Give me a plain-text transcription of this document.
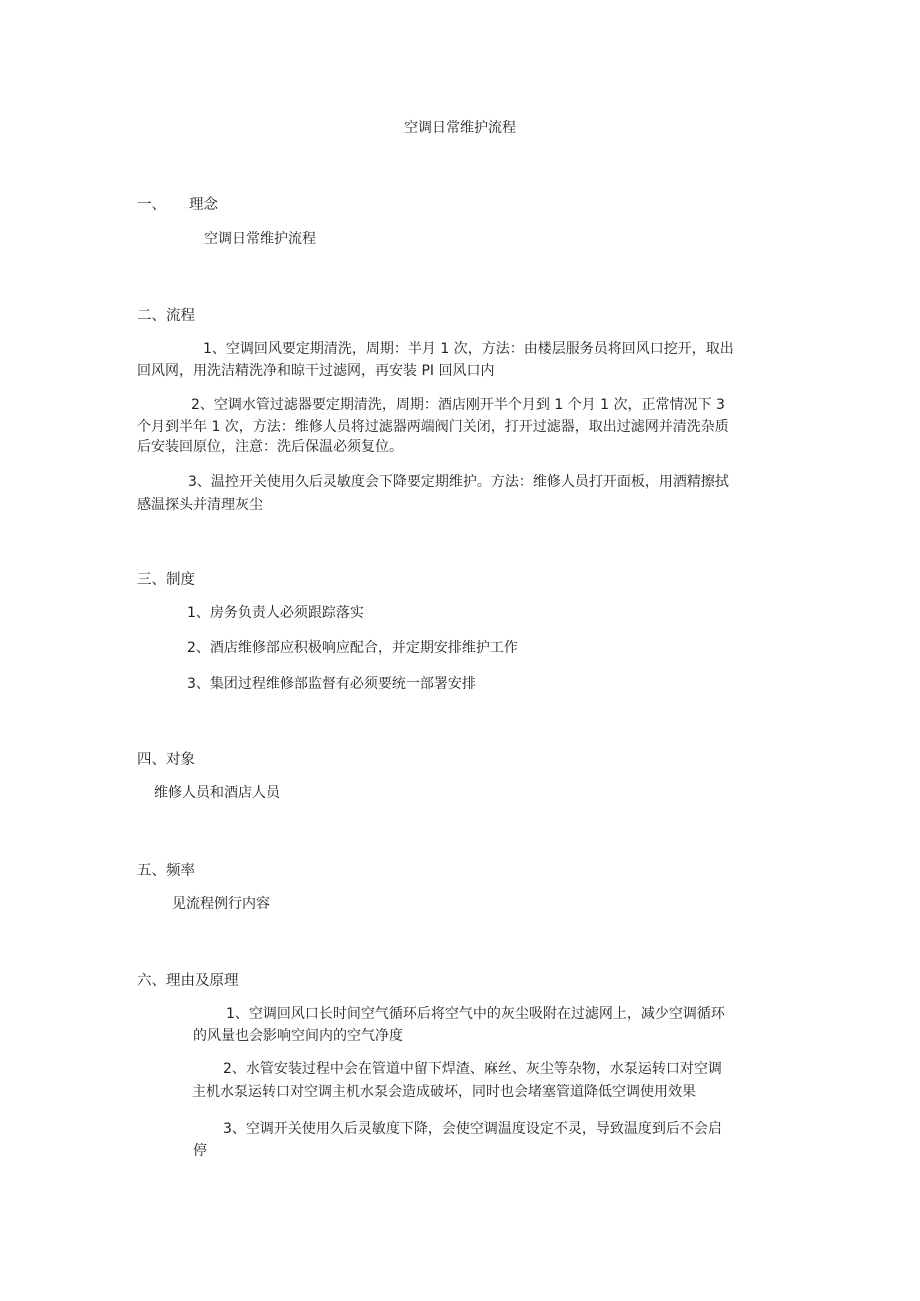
空调日常维护流程
一、 理念
空调日常维护流程
二、流程
1、空调回风要定期清洗，周期：半月 1 次，方法：由楼层服务员将回风口挖开，取出
回风网，用洗洁精洗净和晾干过滤网，再安装 PI 回风口内
2、空调水管过滤器要定期清洗，周期：酒店刚开半个月到 1 个月 1 次，正常情况下 3
个月到半年 1 次，方法：维修人员将过滤器两端阀门关闭，打开过滤器，取出过滤网并清洗杂质
后安装回原位，注意：洗后保温必须复位。
3、温控开关使用久后灵敏度会下降要定期维护。方法：维修人员打开面板，用酒精擦拭
感温探头并清理灰尘
三、制度
1、房务负责人必须跟踪落实
2、酒店维修部应积极响应配合，并定期安排维护工作
3、集团过程维修部监督有必须要统一部署安排
四、对象
维修人员和酒店人员
五、频率
见流程例行内容
六、理由及原理
1、空调回风口长时间空气循环后将空气中的灰尘吸附在过滤网上，减少空调循环
的风量也会影响空间内的空气净度
2、水管安装过程中会在管道中留下焊渣、麻丝、灰尘等杂物，水泵运转口对空调
主机水泵运转口对空调主机水泵会造成破坏，同时也会堵塞管道降低空调使用效果
3、空调开关使用久后灵敏度下降，会使空调温度设定不灵，导致温度到后不会启
停
